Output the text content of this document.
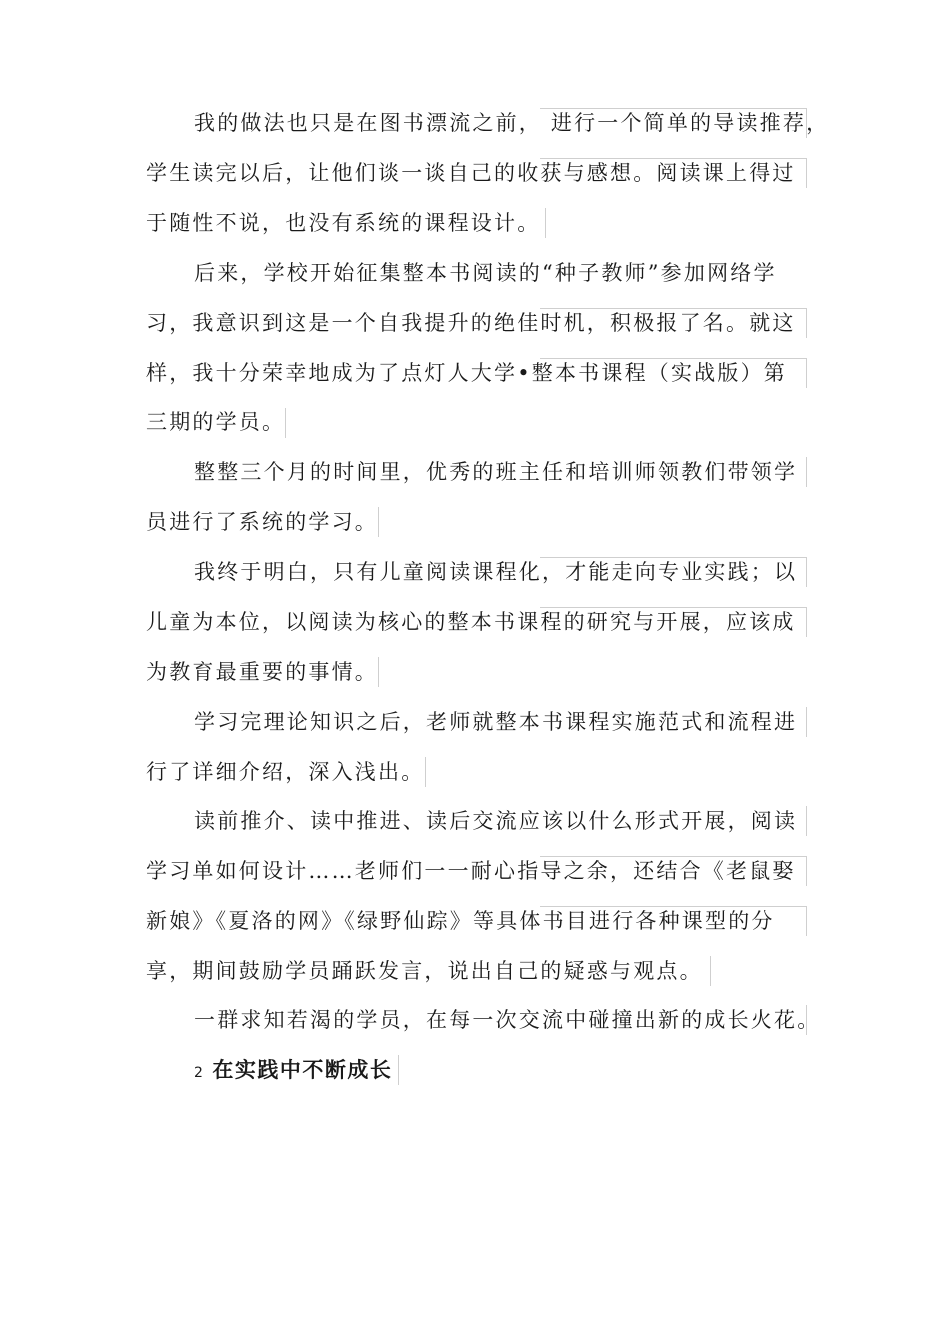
我的做法也只是在图书漂流之前， 进行一个简单的导读推荐，
学生读完以后，让他们谈一谈自己的收获与感想。阅读课上得过
于随性不说，也没有系统的课程设计。
后来，学校开始征集整本书阅读的“种子教师”参加网络学
习，我意识到这是一个自我提升的绝佳时机，积极报了名。就这
样，我十分荣幸地成为了点灯人大学•整本书课程（实战版）第
三期的学员。
整整三个月的时间里，优秀的班主任和培训师领教们带领学
员进行了系统的学习。
我终于明白，只有儿童阅读课程化，才能走向专业实践；以
儿童为本位，以阅读为核心的整本书课程的研究与开展，应该成
为教育最重要的事情。
学习完理论知识之后，老师就整本书课程实施范式和流程进
行了详细介绍，深入浅出。
读前推介、读中推进、读后交流应该以什么形式开展，阅读
学习单如何设计……老师们一一耐心指导之余，还结合《老鼠娶
新娘》《夏洛的网》《绿野仙踪》等具体书目进行各种课型的分
享，期间鼓励学员踊跃发言，说出自己的疑惑与观点。
一群求知若渴的学员，在每一次交流中碰撞出新的成长火花。
2 在实践中不断成长
